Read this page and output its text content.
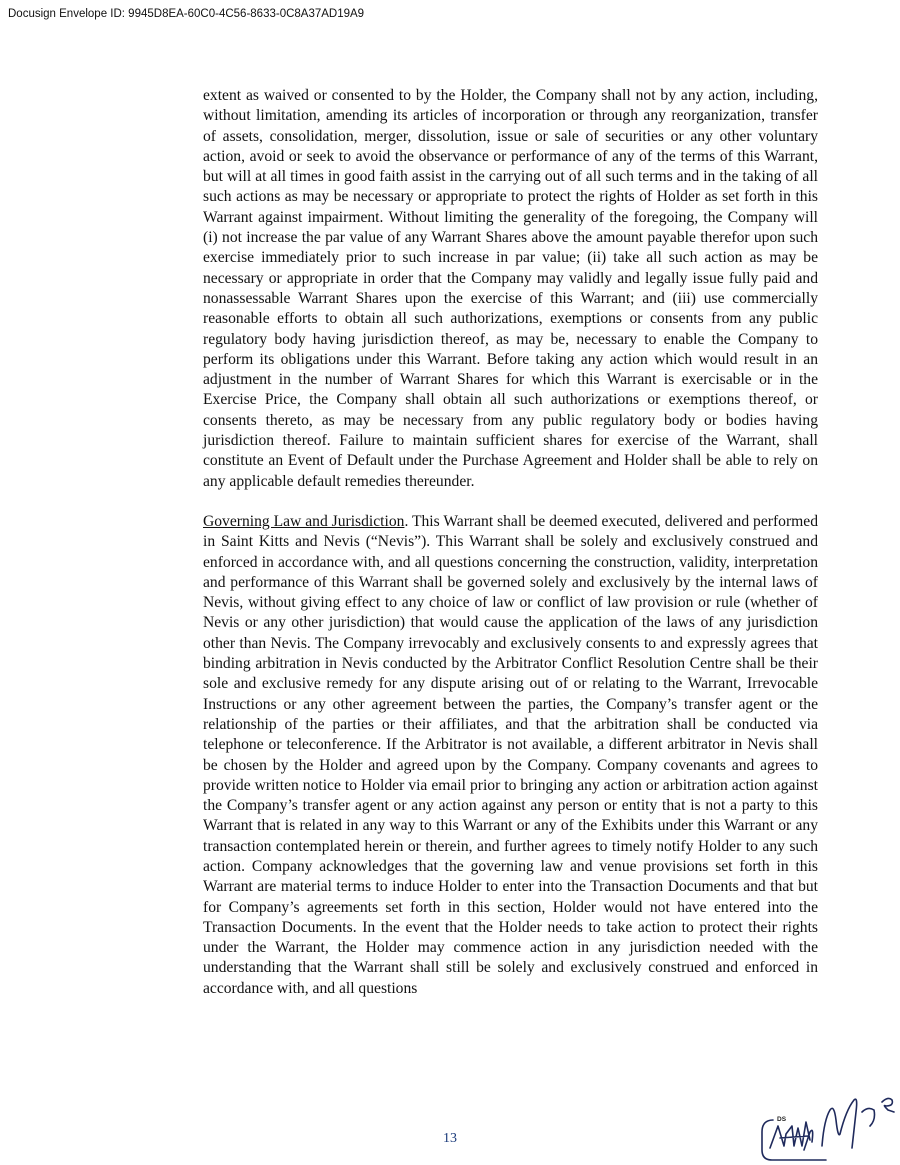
Docusign Envelope ID: 9945D8EA-60C0-4C56-8633-0C8A37AD19A9

extent as waived or consented to by the Holder, the Company shall not by any action, including, without limitation, amending its articles of incorporation or through any reorganization, transfer of assets, consolidation, merger, dissolution, issue or sale of securities or any other voluntary action, avoid or seek to avoid the observance or performance of any of the terms of this Warrant, but will at all times in good faith assist in the carrying out of all such terms and in the taking of all such actions as may be necessary or appropriate to protect the rights of Holder as set forth in this Warrant against impairment. Without limiting the generality of the foregoing, the Company will (i) not increase the par value of any Warrant Shares above the amount payable therefor upon such exercise immediately prior to such increase in par value; (ii) take all such action as may be necessary or appropriate in order that the Company may validly and legally issue fully paid and nonassessable Warrant Shares upon the exercise of this Warrant; and (iii) use commercially reasonable efforts to obtain all such authorizations, exemptions or consents from any public regulatory body having jurisdiction thereof, as may be, necessary to enable the Company to perform its obligations under this Warrant. Before taking any action which would result in an adjustment in the number of Warrant Shares for which this Warrant is exercisable or in the Exercise Price, the Company shall obtain all such authorizations or exemptions thereof, or consents thereto, as may be necessary from any public regulatory body or bodies having jurisdiction thereof. Failure to maintain sufficient shares for exercise of the Warrant, shall constitute an Event of Default under the Purchase Agreement and Holder shall be able to rely on any applicable default remedies thereunder.

Governing Law and Jurisdiction. This Warrant shall be deemed executed, delivered and performed in Saint Kitts and Nevis (“Nevis”). This Warrant shall be solely and exclusively construed and enforced in accordance with, and all questions concerning the construction, validity, interpretation and performance of this Warrant shall be governed solely and exclusively by the internal laws of Nevis, without giving effect to any choice of law or conflict of law provision or rule (whether of Nevis or any other jurisdiction) that would cause the application of the laws of any jurisdiction other than Nevis. The Company irrevocably and exclusively consents to and expressly agrees that binding arbitration in Nevis conducted by the Arbitrator Conflict Resolution Centre shall be their sole and exclusive remedy for any dispute arising out of or relating to the Warrant, Irrevocable Instructions or any other agreement between the parties, the Company’s transfer agent or the relationship of the parties or their affiliates, and that the arbitration shall be conducted via telephone or teleconference. If the Arbitrator is not available, a different arbitrator in Nevis shall be chosen by the Holder and agreed upon by the Company. Company covenants and agrees to provide written notice to Holder via email prior to bringing any action or arbitration action against the Company’s transfer agent or any action against any person or entity that is not a party to this Warrant that is related in any way to this Warrant or any of the Exhibits under this Warrant or any transaction contemplated herein or therein, and further agrees to timely notify Holder to any such action. Company acknowledges that the governing law and venue provisions set forth in this Warrant are material terms to induce Holder to enter into the Transaction Documents and that but for Company’s agreements set forth in this section, Holder would not have entered into the Transaction Documents. In the event that the Holder needs to take action to protect their rights under the Warrant, the Holder may commence action in any jurisdiction needed with the understanding that the Warrant shall still be solely and exclusively construed and enforced in accordance with, and all questions

13
DS
